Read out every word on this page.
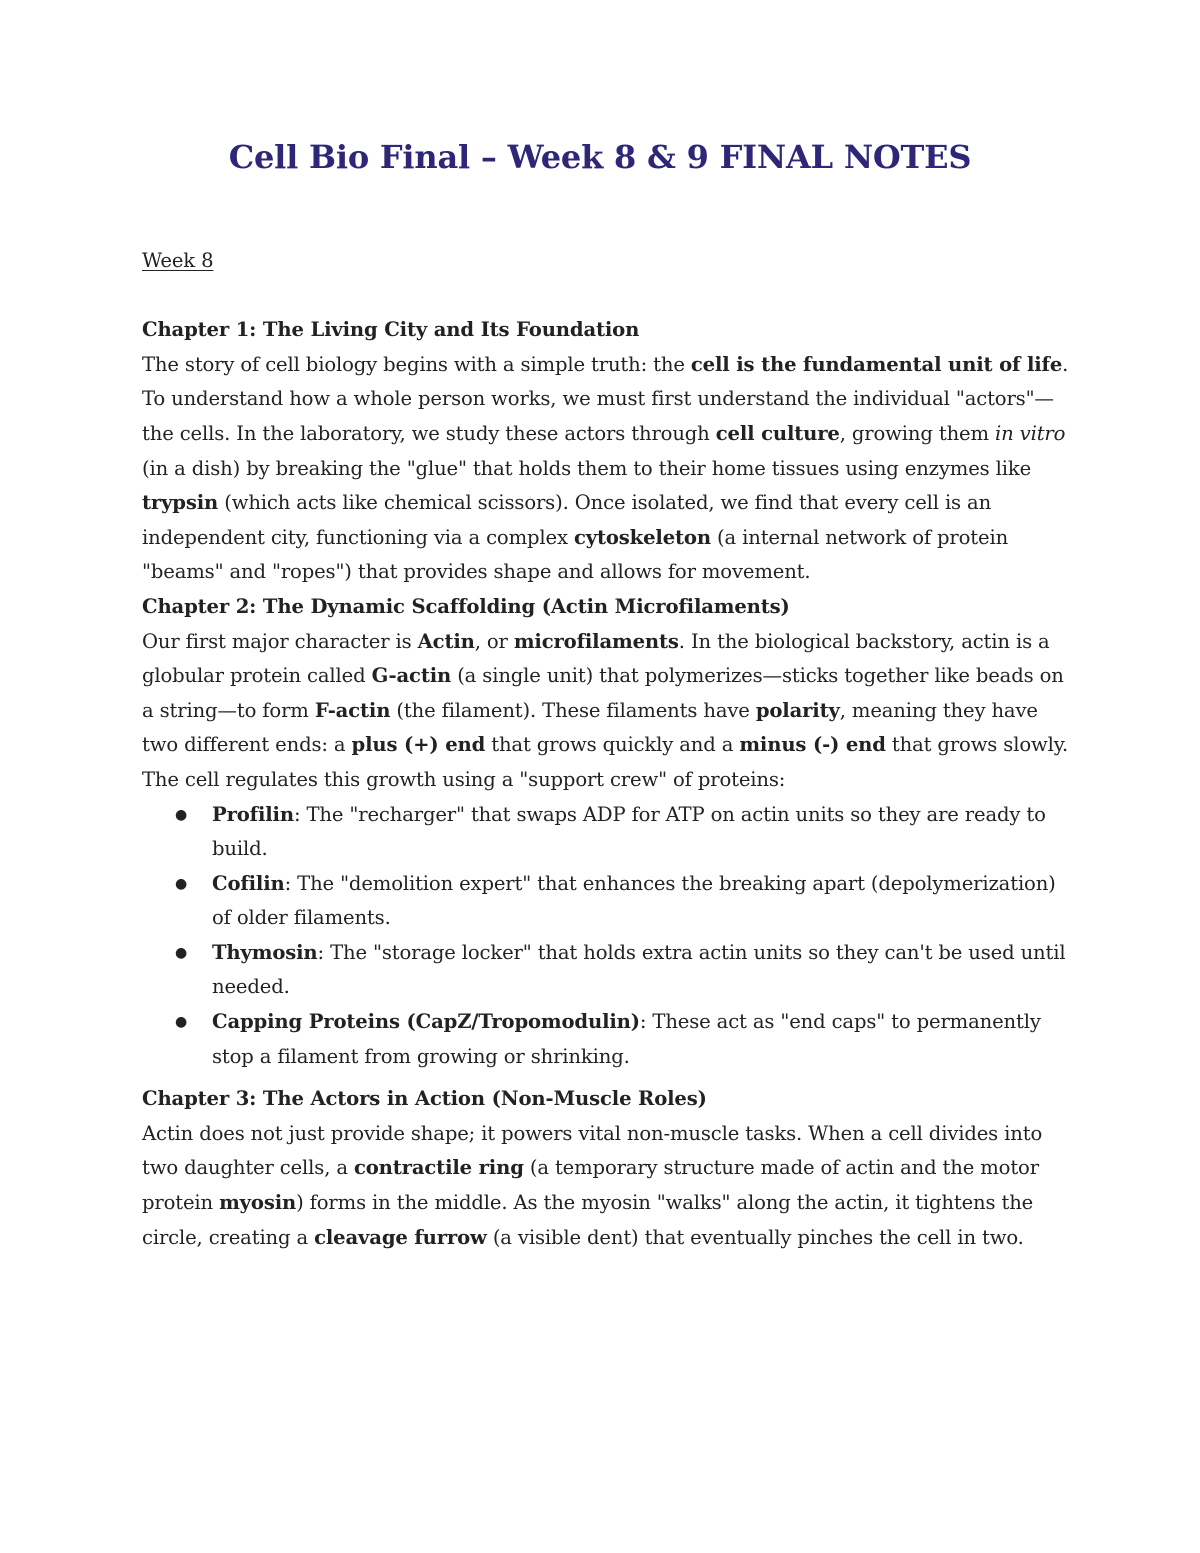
Cell Bio Final – Week 8 & 9 FINAL NOTES

Week 8

Chapter 1: The Living City and Its Foundation

The story of cell biology begins with a simple truth: the cell is the fundamental unit of life. To understand how a whole person works, we must first understand the individual "actors"—the cells. In the laboratory, we study these actors through cell culture, growing them in vitro (in a dish) by breaking the "glue" that holds them to their home tissues using enzymes like trypsin (which acts like chemical scissors). Once isolated, we find that every cell is an independent city, functioning via a complex cytoskeleton (a internal network of protein "beams" and "ropes") that provides shape and allows for movement.

Chapter 2: The Dynamic Scaffolding (Actin Microfilaments)

Our first major character is Actin, or microfilaments. In the biological backstory, actin is a globular protein called G-actin (a single unit) that polymerizes—sticks together like beads on a string—to form F-actin (the filament). These filaments have polarity, meaning they have two different ends: a plus (+) end that grows quickly and a minus (-) end that grows slowly.

The cell regulates this growth using a "support crew" of proteins:

● Profilin: The "recharger" that swaps ADP for ATP on actin units so they are ready to build.
● Cofilin: The "demolition expert" that enhances the breaking apart (depolymerization) of older filaments.
● Thymosin: The "storage locker" that holds extra actin units so they can't be used until needed.
● Capping Proteins (CapZ/Tropomodulin): These act as "end caps" to permanently stop a filament from growing or shrinking.

Chapter 3: The Actors in Action (Non-Muscle Roles)

Actin does not just provide shape; it powers vital non-muscle tasks. When a cell divides into two daughter cells, a contractile ring (a temporary structure made of actin and the motor protein myosin) forms in the middle. As the myosin "walks" along the actin, it tightens the circle, creating a cleavage furrow (a visible dent) that eventually pinches the cell in two.
